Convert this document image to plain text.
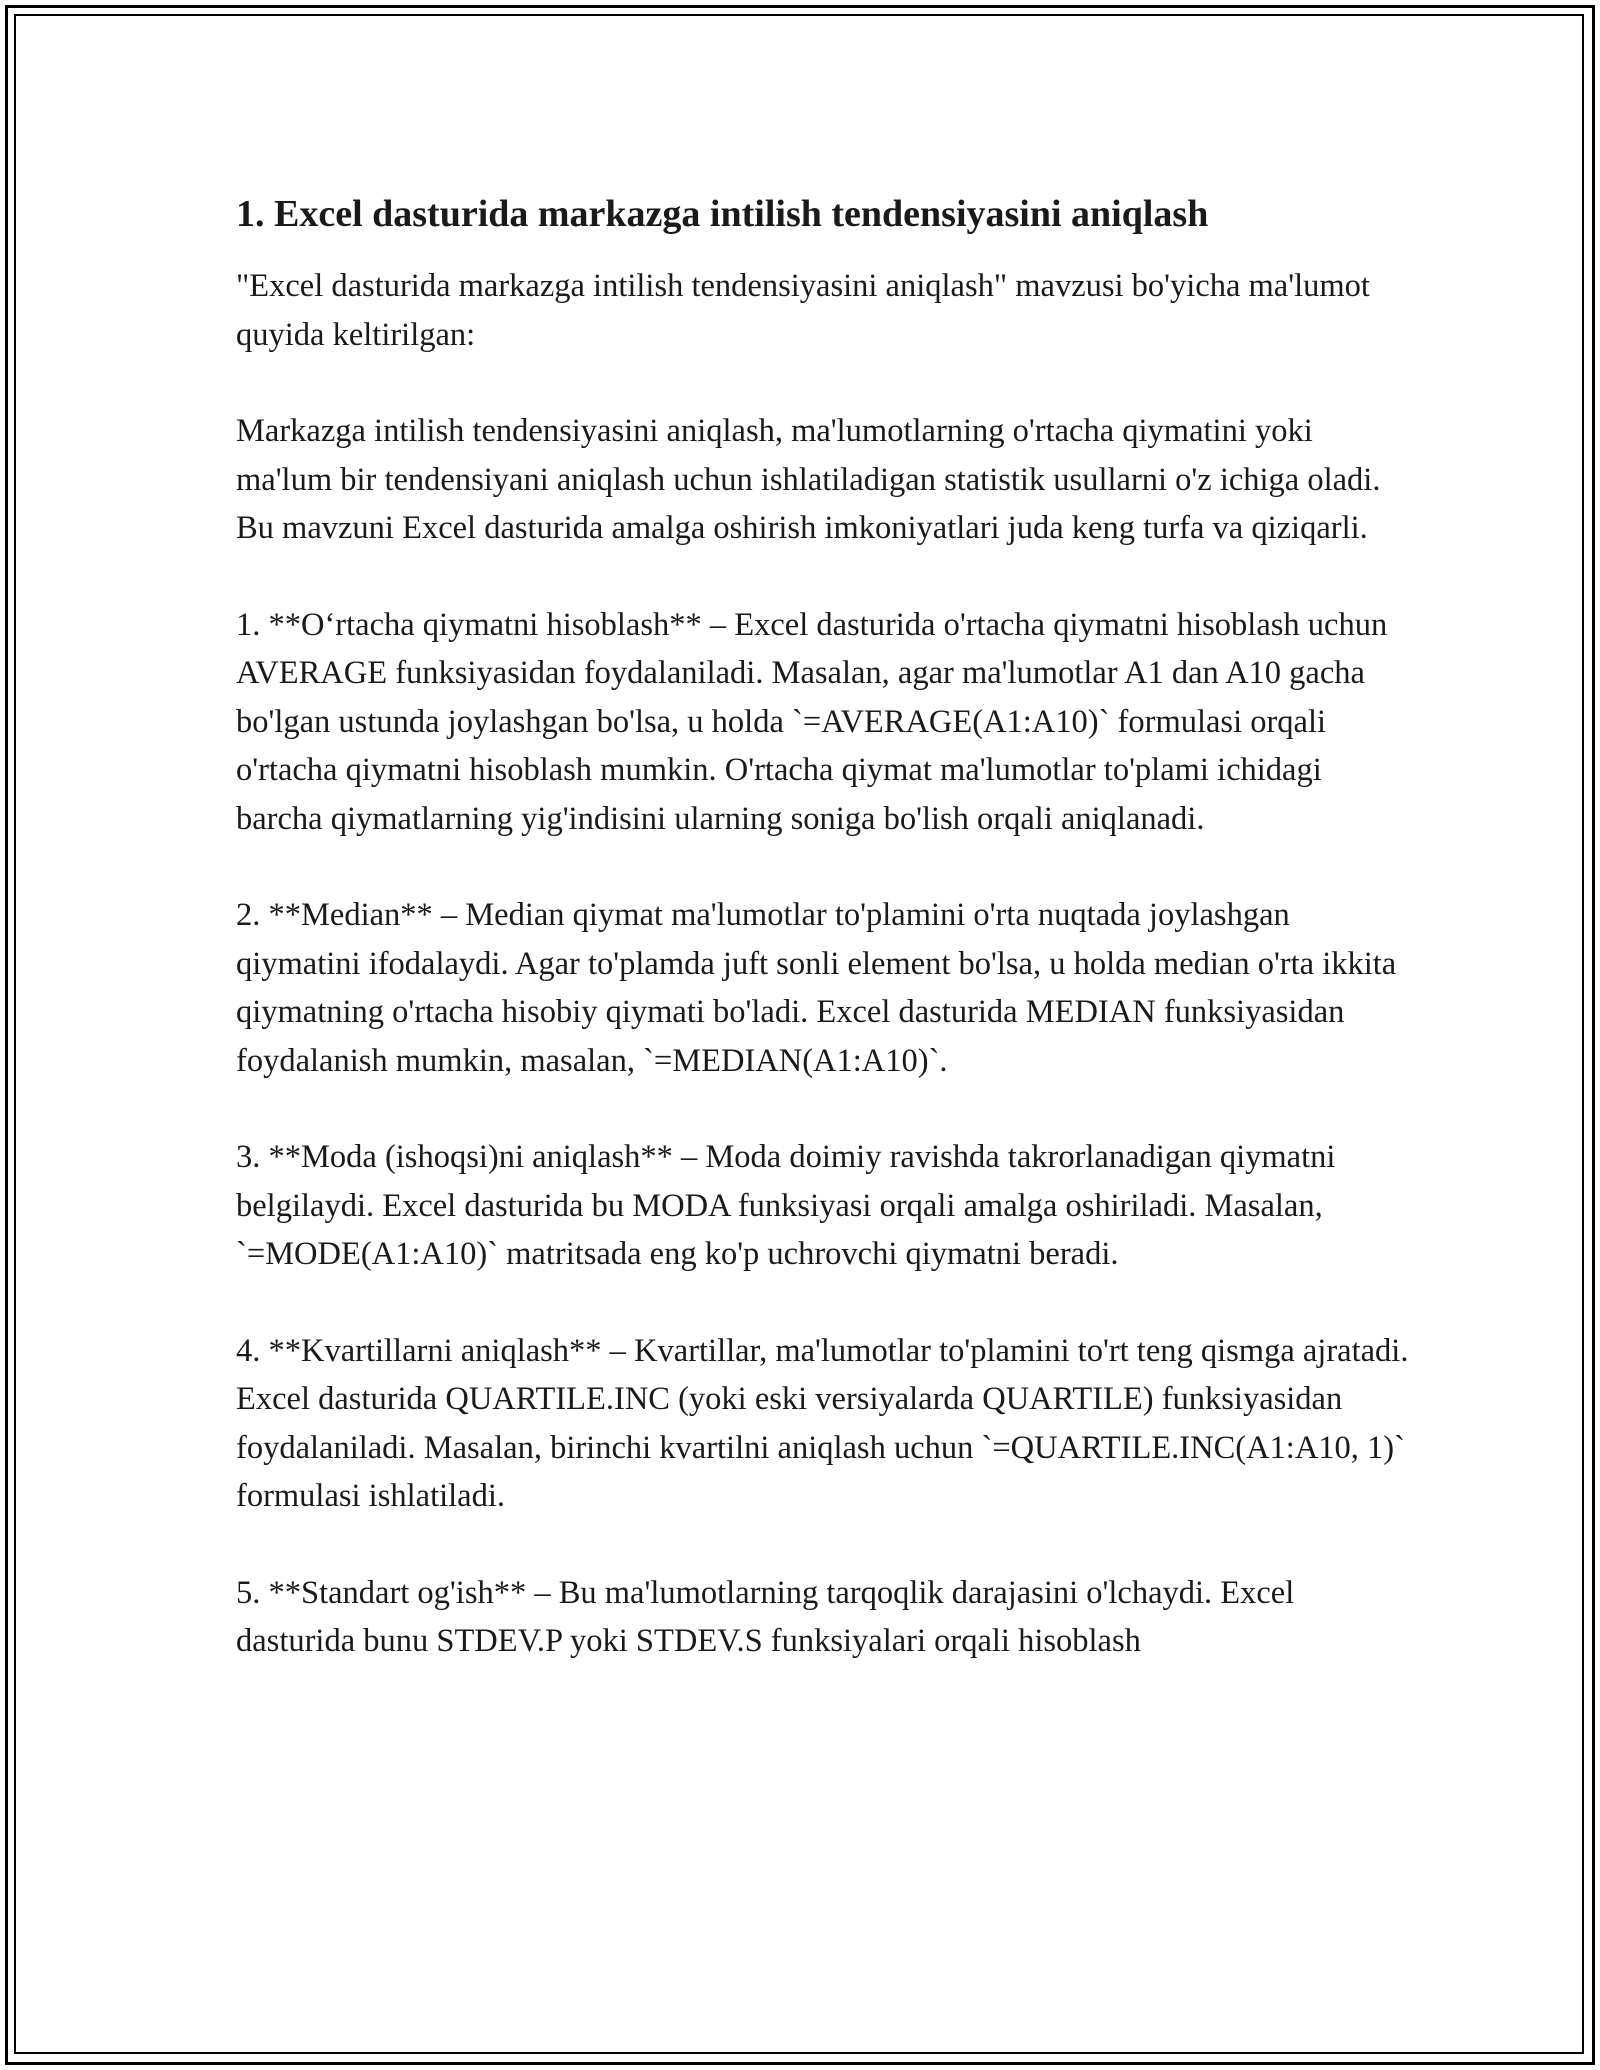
1. Excel dasturida markazga intilish tendensiyasini aniqlash

"Excel dasturida markazga intilish tendensiyasini aniqlash" mavzusi bo'yicha ma'lumot quyida keltirilgan:

Markazga intilish tendensiyasini aniqlash, ma'lumotlarning o'rtacha qiymatini yoki ma'lum bir tendensiyani aniqlash uchun ishlatiladigan statistik usullarni o'z ichiga oladi. Bu mavzuni Excel dasturida amalga oshirish imkoniyatlari juda keng turfa va qiziqarli.

1. **O‘rtacha qiymatni hisoblash** – Excel dasturida o'rtacha qiymatni hisoblash uchun AVERAGE funksiyasidan foydalaniladi. Masalan, agar ma'lumotlar A1 dan A10 gacha bo'lgan ustunda joylashgan bo'lsa, u holda `=AVERAGE(A1:A10)` formulasi orqali o'rtacha qiymatni hisoblash mumkin. O'rtacha qiymat ma'lumotlar to'plami ichidagi barcha qiymatlarning yig'indisini ularning soniga bo'lish orqali aniqlanadi.

2. **Median** – Median qiymat ma'lumotlar to'plamini o'rta nuqtada joylashgan qiymatini ifodalaydi. Agar to'plamda juft sonli element bo'lsa, u holda median o'rta ikkita qiymatning o'rtacha hisobiy qiymati bo'ladi. Excel dasturida MEDIAN funksiyasidan foydalanish mumkin, masalan, `=MEDIAN(A1:A10)`.

3. **Moda (ishoqsi)ni aniqlash** – Moda doimiy ravishda takrorlanadigan qiymatni belgilaydi. Excel dasturida bu MODA funksiyasi orqali amalga oshiriladi. Masalan, `=MODE(A1:A10)` matritsada eng ko'p uchrovchi qiymatni beradi.

4. **Kvartillarni aniqlash** – Kvartillar, ma'lumotlar to'plamini to'rt teng qismga ajratadi. Excel dasturida QUARTILE.INC (yoki eski versiyalarda QUARTILE) funksiyasidan foydalaniladi. Masalan, birinchi kvartilni aniqlash uchun `=QUARTILE.INC(A1:A10, 1)` formulasi ishlatiladi.

5. **Standart og'ish** – Bu ma'lumotlarning tarqoqlik darajasini o'lchaydi. Excel dasturida bunu STDEV.P yoki STDEV.S funksiyalari orqali hisoblash
